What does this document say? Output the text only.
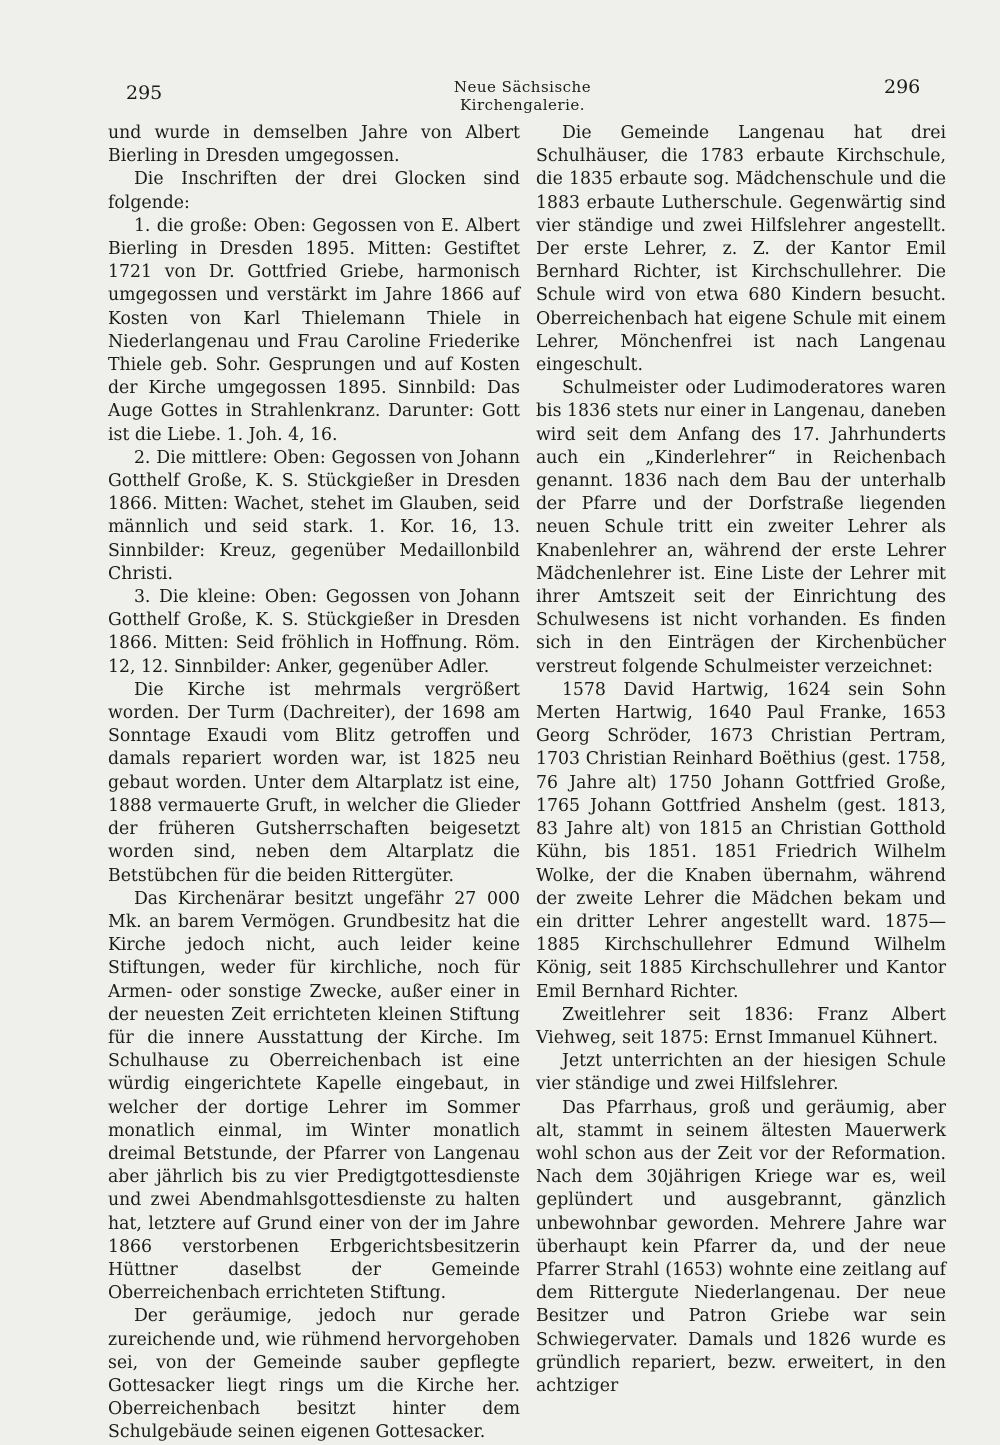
295	Neue Sächsische Kirchengalerie.
296

und wurde in demselben Jahre von Albert Bierling in Dresden umgegossen.

Die Inschriften der drei Glocken sind folgende:

1. die große: Oben: Gegossen von E. Albert Bierling in Dresden 1895. Mitten: Gestiftet 1721 von Dr. Gottfried Griebe, harmonisch umgegossen und verstärkt im Jahre 1866 auf Kosten von Karl Thielemann Thiele in Niederlangenau und Frau Caroline Friederike Thiele geb. Sohr. Gesprungen und auf Kosten der Kirche umgegossen 1895. Sinnbild: Das Auge Gottes in Strahlenkranz. Darunter: Gott ist die Liebe. 1. Joh. 4, 16.

2. Die mittlere: Oben: Gegossen von Johann Gotthelf Große, K. S. Stückgießer in Dresden 1866. Mitten: Wachet, stehet im Glauben, seid männlich und seid stark. 1. Kor. 16, 13. Sinnbilder: Kreuz, gegenüber Medaillonbild Christi.

3. Die kleine: Oben: Gegossen von Johann Gotthelf Große, K. S. Stückgießer in Dresden 1866. Mitten: Seid fröhlich in Hoffnung. Röm. 12, 12. Sinnbilder: Anker, gegenüber Adler.

Die Kirche ist mehrmals vergrößert worden. Der Turm (Dachreiter), der 1698 am Sonntage Exaudi vom Blitz getroffen und damals repariert worden war, ist 1825 neu gebaut worden. Unter dem Altarplatz ist eine, 1888 vermauerte Gruft, in welcher die Glieder der früheren Gutsherrschaften beigesetzt worden sind, neben dem Altarplatz die Betstübchen für die beiden Rittergüter.

Das Kirchenärar besitzt ungefähr 27 000 Mk. an barem Vermögen. Grundbesitz hat die Kirche jedoch nicht, auch leider keine Stiftungen, weder für kirchliche, noch für Armen- oder sonstige Zwecke, außer einer in der neuesten Zeit errichteten kleinen Stiftung für die innere Ausstattung der Kirche. Im Schulhause zu Oberreichenbach ist eine würdig eingerichtete Kapelle eingebaut, in welcher der dortige Lehrer im Sommer monatlich einmal, im Winter monatlich dreimal Betstunde, der Pfarrer von Langenau aber jährlich bis zu vier Predigtgottesdienste und zwei Abendmahlsgottesdienste zu halten hat, letztere auf Grund einer von der im Jahre 1866 verstorbenen Erbgerichtsbesitzerin Hüttner daselbst der Gemeinde Oberreichenbach errichteten Stiftung.

Der geräumige, jedoch nur gerade zureichende und, wie rühmend hervorgehoben sei, von der Gemeinde sauber gepflegte Gottesacker liegt rings um die Kirche her. Oberreichenbach besitzt hinter dem Schulgebäude seinen eigenen Gottesacker.

Die Gemeinde Langenau hat drei Schulhäuser, die 1783 erbaute Kirchschule, die 1835 erbaute sog. Mädchenschule und die 1883 erbaute Lutherschule. Gegenwärtig sind vier ständige und zwei Hilfslehrer angestellt. Der erste Lehrer, z. Z. der Kantor Emil Bernhard Richter, ist Kirchschullehrer. Die Schule wird von etwa 680 Kindern besucht. Oberreichenbach hat eigene Schule mit einem Lehrer, Mönchenfrei ist nach Langenau eingeschult.

Schulmeister oder Ludimoderatores waren bis 1836 stets nur einer in Langenau, daneben wird seit dem Anfang des 17. Jahrhunderts auch ein „Kinderlehrer“ in Reichenbach genannt. 1836 nach dem Bau der unterhalb der Pfarre und der Dorfstraße liegenden neuen Schule tritt ein zweiter Lehrer als Knabenlehrer an, während der erste Lehrer Mädchenlehrer ist. Eine Liste der Lehrer mit ihrer Amtszeit seit der Einrichtung des Schulwesens ist nicht vorhanden. Es finden sich in den Einträgen der Kirchenbücher verstreut folgende Schulmeister verzeichnet:

1578 David Hartwig, 1624 sein Sohn Merten Hartwig, 1640 Paul Franke, 1653 Georg Schröder, 1673 Christian Pertram, 1703 Christian Reinhard Boëthius (gest. 1758, 76 Jahre alt) 1750 Johann Gottfried Große, 1765 Johann Gottfried Anshelm (gest. 1813, 83 Jahre alt) von 1815 an Christian Gotthold Kühn, bis 1851. 1851 Friedrich Wilhelm Wolke, der die Knaben übernahm, während der zweite Lehrer die Mädchen bekam und ein dritter Lehrer angestellt ward. 1875—1885 Kirchschullehrer Edmund Wilhelm König, seit 1885 Kirchschullehrer und Kantor Emil Bernhard Richter.

Zweitlehrer seit 1836: Franz Albert Viehweg, seit 1875: Ernst Immanuel Kühnert.

Jetzt unterrichten an der hiesigen Schule vier ständige und zwei Hilfslehrer.

Das Pfarrhaus, groß und geräumig, aber alt, stammt in seinem ältesten Mauerwerk wohl schon aus der Zeit vor der Reformation. Nach dem 30jährigen Kriege war es, weil geplündert und ausgebrannt, gänzlich unbewohnbar geworden. Mehrere Jahre war überhaupt kein Pfarrer da, und der neue Pfarrer Strahl (1653) wohnte eine zeitlang auf dem Rittergute Niederlangenau. Der neue Besitzer und Patron Griebe war sein Schwiegervater. Damals und 1826 wurde es gründlich repariert, bezw. erweitert, in den achtziger
